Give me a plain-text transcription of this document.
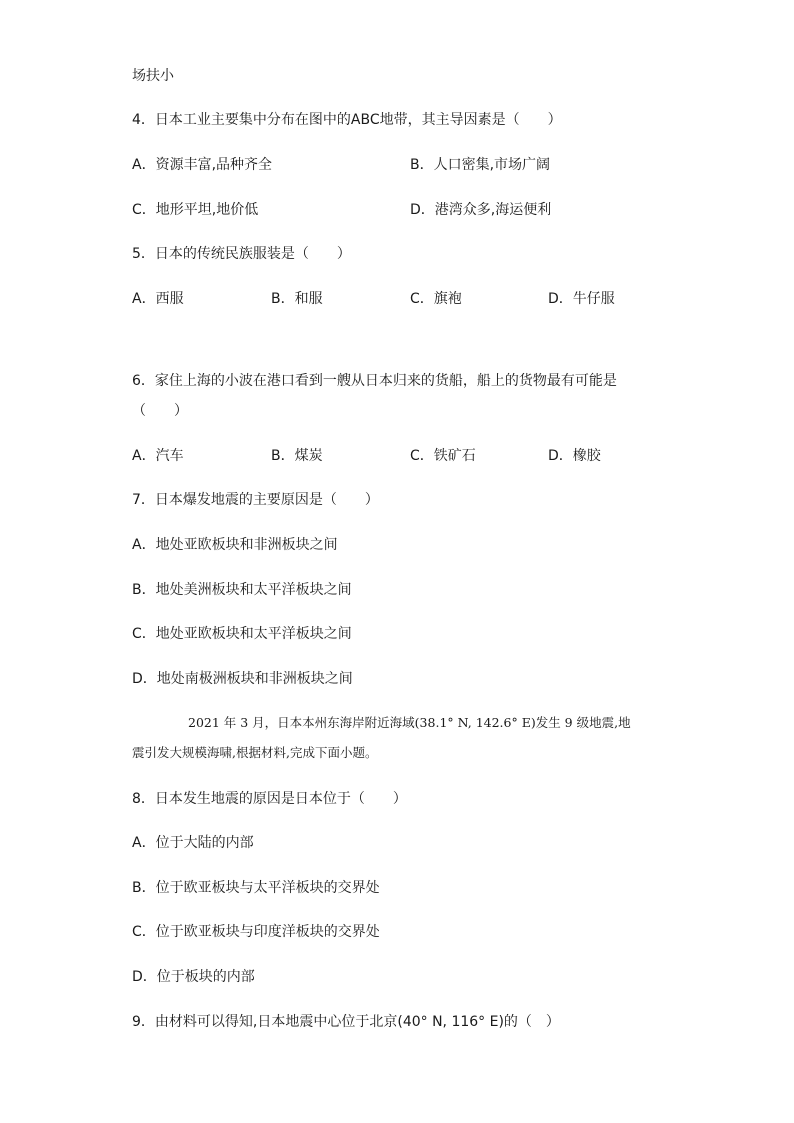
场扶小
4．日本工业主要集中分布在图中的ABC地带，其主导因素是（　　）
A．资源丰富,品种齐全	B．人口密集,市场广阔
C．地形平坦,地价低	D．港湾众多,海运便利
5．日本的传统民族服装是（　　）
A．西服	B．和服	C．旗袍	D．牛仔服
6．家住上海的小波在港口看到一艘从日本归来的货船，船上的货物最有可能是
（　　）
A．汽车	B．煤炭	C．铁矿石	D．橡胶
7．日本爆发地震的主要原因是（　　）
A．地处亚欧板块和非洲板块之间
B．地处美洲板块和太平洋板块之间
C．地处亚欧板块和太平洋板块之间
D．地处南极洲板块和非洲板块之间
2021 年 3 月，日本本州东海岸附近海域(38.1° N, 142.6° E)发生 9 级地震,地
震引发大规模海啸,根据材料,完成下面小题。
8．日本发生地震的原因是日本位于（　　）
A．位于大陆的内部
B．位于欧亚板块与太平洋板块的交界处
C．位于欧亚板块与印度洋板块的交界处
D．位于板块的内部
9．由材料可以得知,日本地震中心位于北京(40° N, 116° E)的（　）
